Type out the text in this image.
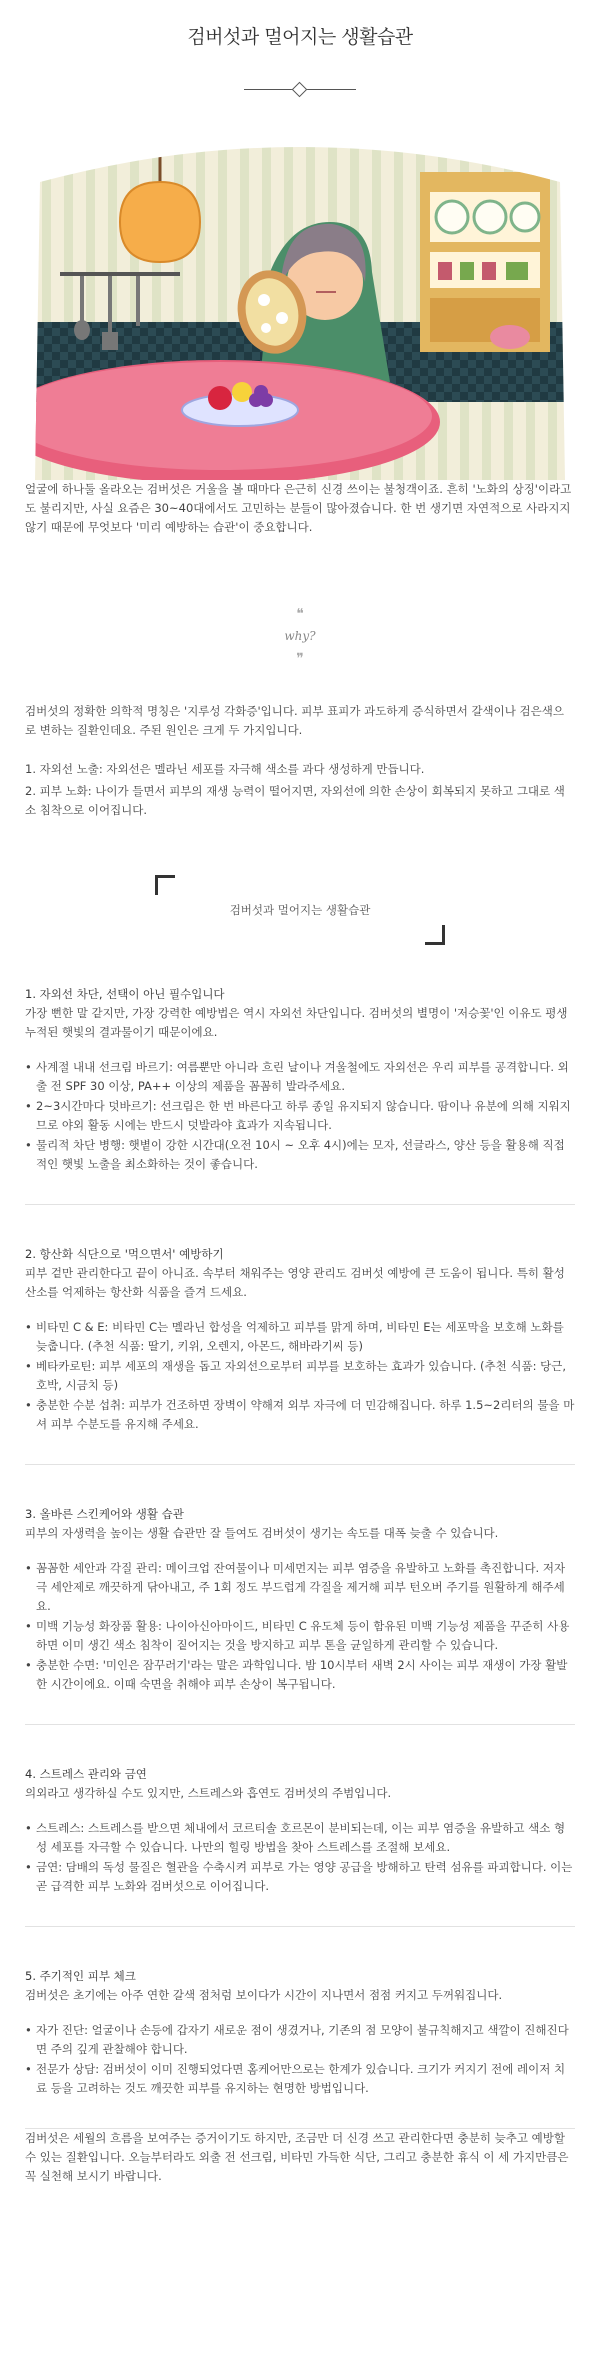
검버섯과 멀어지는 생활습관

얼굴에 하나둘 올라오는 검버섯은 거울을 볼 때마다 은근히 신경 쓰이는 불청객이죠. 흔히 '노화의 상징'이라고도 불리지만, 사실 요즘은 30~40대에서도 고민하는 분들이 많아졌습니다. 한 번 생기면 자연적으로 사라지지 않기 때문에 무엇보다 '미리 예방하는 습관'이 중요합니다.

❝
why?
❞

검버섯의 정확한 의학적 명칭은 '지루성 각화증'입니다. 피부 표피가 과도하게 증식하면서 갈색이나 검은색으로 변하는 질환인데요. 주된 원인은 크게 두 가지입니다.

1. 자외선 노출: 자외선은 멜라닌 세포를 자극해 색소를 과다 생성하게 만듭니다.
2. 피부 노화: 나이가 들면서 피부의 재생 능력이 떨어지면, 자외선에 의한 손상이 회복되지 못하고 그대로 색소 침착으로 이어집니다.
검버섯과 멀어지는 생활습관
1. 자외선 차단, 선택이 아닌 필수입니다

가장 뻔한 말 같지만, 가장 강력한 예방법은 역시 자외선 차단입니다. 검버섯의 별명이 '저승꽃'인 이유도 평생 누적된 햇빛의 결과물이기 때문이에요.

• 사계절 내내 선크림 바르기: 여름뿐만 아니라 흐린 날이나 겨울철에도 자외선은 우리 피부를 공격합니다. 외출 전 SPF 30 이상, PA++ 이상의 제품을 꼼꼼히 발라주세요.
• 2~3시간마다 덧바르기: 선크림은 한 번 바른다고 하루 종일 유지되지 않습니다. 땀이나 유분에 의해 지워지므로 야외 활동 시에는 반드시 덧발라야 효과가 지속됩니다.
• 물리적 차단 병행: 햇볕이 강한 시간대(오전 10시 ~ 오후 4시)에는 모자, 선글라스, 양산 등을 활용해 직접적인 햇빛 노출을 최소화하는 것이 좋습니다.
2. 항산화 식단으로 '먹으면서' 예방하기

피부 겉만 관리한다고 끝이 아니죠. 속부터 채워주는 영양 관리도 검버섯 예방에 큰 도움이 됩니다. 특히 활성산소를 억제하는 항산화 식품을 즐겨 드세요.

• 비타민 C & E: 비타민 C는 멜라닌 합성을 억제하고 피부를 맑게 하며, 비타민 E는 세포막을 보호해 노화를 늦춥니다. (추천 식품: 딸기, 키위, 오렌지, 아몬드, 해바라기씨 등)
• 베타카로틴: 피부 세포의 재생을 돕고 자외선으로부터 피부를 보호하는 효과가 있습니다. (추천 식품: 당근, 호박, 시금치 등)
• 충분한 수분 섭취: 피부가 건조하면 장벽이 약해져 외부 자극에 더 민감해집니다. 하루 1.5~2리터의 물을 마셔 피부 수분도를 유지해 주세요.
3. 올바른 스킨케어와 생활 습관

피부의 자생력을 높이는 생활 습관만 잘 들여도 검버섯이 생기는 속도를 대폭 늦출 수 있습니다.

• 꼼꼼한 세안과 각질 관리: 메이크업 잔여물이나 미세먼지는 피부 염증을 유발하고 노화를 촉진합니다. 저자극 세안제로 깨끗하게 닦아내고, 주 1회 정도 부드럽게 각질을 제거해 피부 턴오버 주기를 원활하게 해주세요.
• 미백 기능성 화장품 활용: 나이아신아마이드, 비타민 C 유도체 등이 함유된 미백 기능성 제품을 꾸준히 사용하면 이미 생긴 색소 침착이 짙어지는 것을 방지하고 피부 톤을 균일하게 관리할 수 있습니다.
• 충분한 수면: '미인은 잠꾸러기'라는 말은 과학입니다. 밤 10시부터 새벽 2시 사이는 피부 재생이 가장 활발한 시간이에요. 이때 숙면을 취해야 피부 손상이 복구됩니다.
4. 스트레스 관리와 금연

의외라고 생각하실 수도 있지만, 스트레스와 흡연도 검버섯의 주범입니다.

• 스트레스: 스트레스를 받으면 체내에서 코르티솔 호르몬이 분비되는데, 이는 피부 염증을 유발하고 색소 형성 세포를 자극할 수 있습니다. 나만의 힐링 방법을 찾아 스트레스를 조절해 보세요.
• 금연: 담배의 독성 물질은 혈관을 수축시켜 피부로 가는 영양 공급을 방해하고 탄력 섬유를 파괴합니다. 이는 곧 급격한 피부 노화와 검버섯으로 이어집니다.
5. 주기적인 피부 체크

검버섯은 초기에는 아주 연한 갈색 점처럼 보이다가 시간이 지나면서 점점 커지고 두꺼워집니다.

• 자가 진단: 얼굴이나 손등에 갑자기 새로운 점이 생겼거나, 기존의 점 모양이 불규칙해지고 색깔이 진해진다면 주의 깊게 관찰해야 합니다.
• 전문가 상담: 검버섯이 이미 진행되었다면 홈케어만으로는 한계가 있습니다. 크기가 커지기 전에 레이저 치료 등을 고려하는 것도 깨끗한 피부를 유지하는 현명한 방법입니다.

검버섯은 세월의 흐름을 보여주는 증거이기도 하지만, 조금만 더 신경 쓰고 관리한다면 충분히 늦추고 예방할 수 있는 질환입니다. 오늘부터라도 외출 전 선크림, 비타민 가득한 식단, 그리고 충분한 휴식 이 세 가지만큼은 꼭 실천해 보시기 바랍니다.
